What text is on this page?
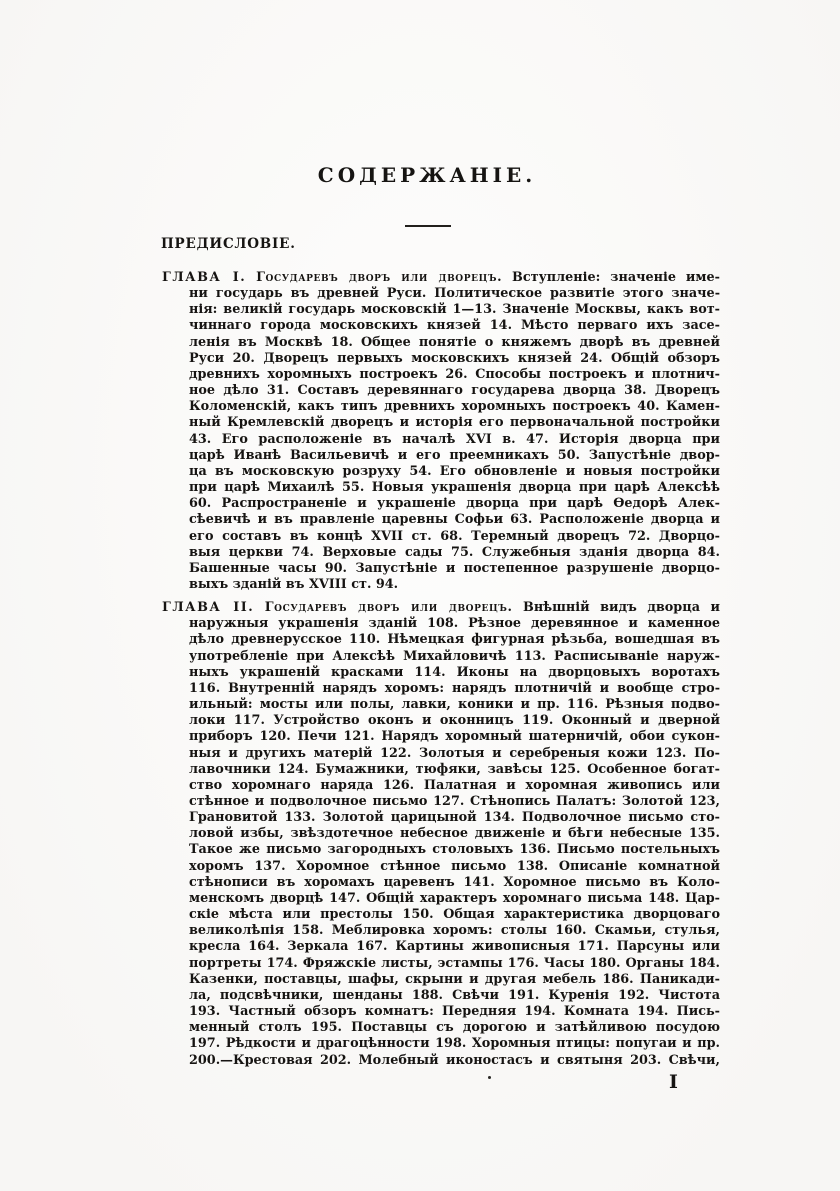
СОДЕРЖАНІЕ.
ПРЕДИСЛОВІЕ.
ГЛАВА I. Государевъ дворъ или дворецъ. Вступленіе: значеніе име-
ни государь въ древней Руси. Политическое развитіе этого значе-
нія: великій государь московскій 1—13. Значеніе Москвы, какъ вот-
чиннаго города московскихъ князей 14. Мѣсто перваго ихъ засе-
ленія въ Москвѣ 18. Общее понятіе о княжемъ дворѣ въ древней
Руси 20. Дворецъ первыхъ московскихъ князей 24. Общій обзоръ
древнихъ хоромныхъ построекъ 26. Способы построекъ и плотнич-
ное дѣло 31. Составъ деревяннаго государева дворца 38. Дворецъ
Коломенскій, какъ типъ древнихъ хоромныхъ построекъ 40. Камен-
ный Кремлевскій дворецъ и исторія его первоначальной постройки
43. Его расположеніе въ началѣ XVI в. 47. Исторія дворца при
царѣ Иванѣ Васильевичѣ и его преемникахъ 50. Запустѣніе двор-
ца въ московскую розруху 54. Его обновленіе и новыя постройки
при царѣ Михаилѣ 55. Новыя украшенія дворца при царѣ Алексѣѣ
60. Распространеніе и украшеніе дворца при царѣ Ѳедорѣ Алек-
сѣевичѣ и въ правленіе царевны Софьи 63. Расположеніе дворца и
его составъ въ концѣ XVII ст. 68. Теремный дворецъ 72. Дворцо-
выя церкви 74. Верховые сады 75. Служебныя зданія дворца 84.
Башенные часы 90. Запустѣніе и постепенное разрушеніе дворцо-
выхъ зданій въ XVIII ст. 94.
ГЛАВА II. Государевъ дворъ или дворецъ. Внѣшній видъ дворца и
наружныя украшенія зданій 108. Рѣзное деревянное и каменное
дѣло древнерусское 110. Нѣмецкая фигурная рѣзьба, вошедшая въ
употребленіе при Алексѣѣ Михайловичѣ 113. Расписываніе наруж-
ныхъ украшеній красками 114. Иконы на дворцовыхъ воротахъ
116. Внутренній нарядъ хоромъ: нарядъ плотничій и вообще стро-
ильный: мосты или полы, лавки, коники и пр. 116. Рѣзныя подво-
локи 117. Устройство оконъ и оконницъ 119. Оконный и дверной
приборъ 120. Печи 121. Нарядъ хоромный шатерничій, обои сукон-
ныя и другихъ матерій 122. Золотыя и серебреныя кожи 123. По-
лавочники 124. Бумажники, тюфяки, завѣсы 125. Особенное богат-
ство хоромнаго наряда 126. Палатная и хоромная живопись или
стѣнное и подволочное письмо 127. Стѣнопись Палатъ: Золотой 123,
Грановитой 133. Золотой царицыной 134. Подволочное письмо сто-
ловой избы, звѣздотечное небесное движеніе и бѣги небесные 135.
Такое же письмо загородныхъ столовыхъ 136. Письмо постельныхъ
хоромъ 137. Хоромное стѣнное письмо 138. Описаніе комнатной
стѣнописи въ хоромахъ царевенъ 141. Хоромное письмо въ Коло-
менскомъ дворцѣ 147. Общій характеръ хоромнаго письма 148. Цар-
скіе мѣста или престолы 150. Общая характеристика дворцоваго
великолѣпія 158. Меблировка хоромъ: столы 160. Скамьи, стулья,
кресла 164. Зеркала 167. Картины живописныя 171. Парсуны или
портреты 174. Фряжскіе листы, эстампы 176. Часы 180. Органы 184.
Казенки, поставцы, шафы, скрыни и другая мебель 186. Паникади-
ла, подсвѣчники, шенданы 188. Свѣчи 191. Куренія 192. Чистота
193. Частный обзоръ комнатъ: Передняя 194. Комната 194. Пись-
менный столъ 195. Поставцы съ дорогою и затѣйливою посудою
197. Рѣдкости и драгоцѣнности 198. Хоромныя птицы: попугаи и пр.
200.—Крестовая 202. Молебный иконостасъ и святыня 203. Свѣчи,
I
